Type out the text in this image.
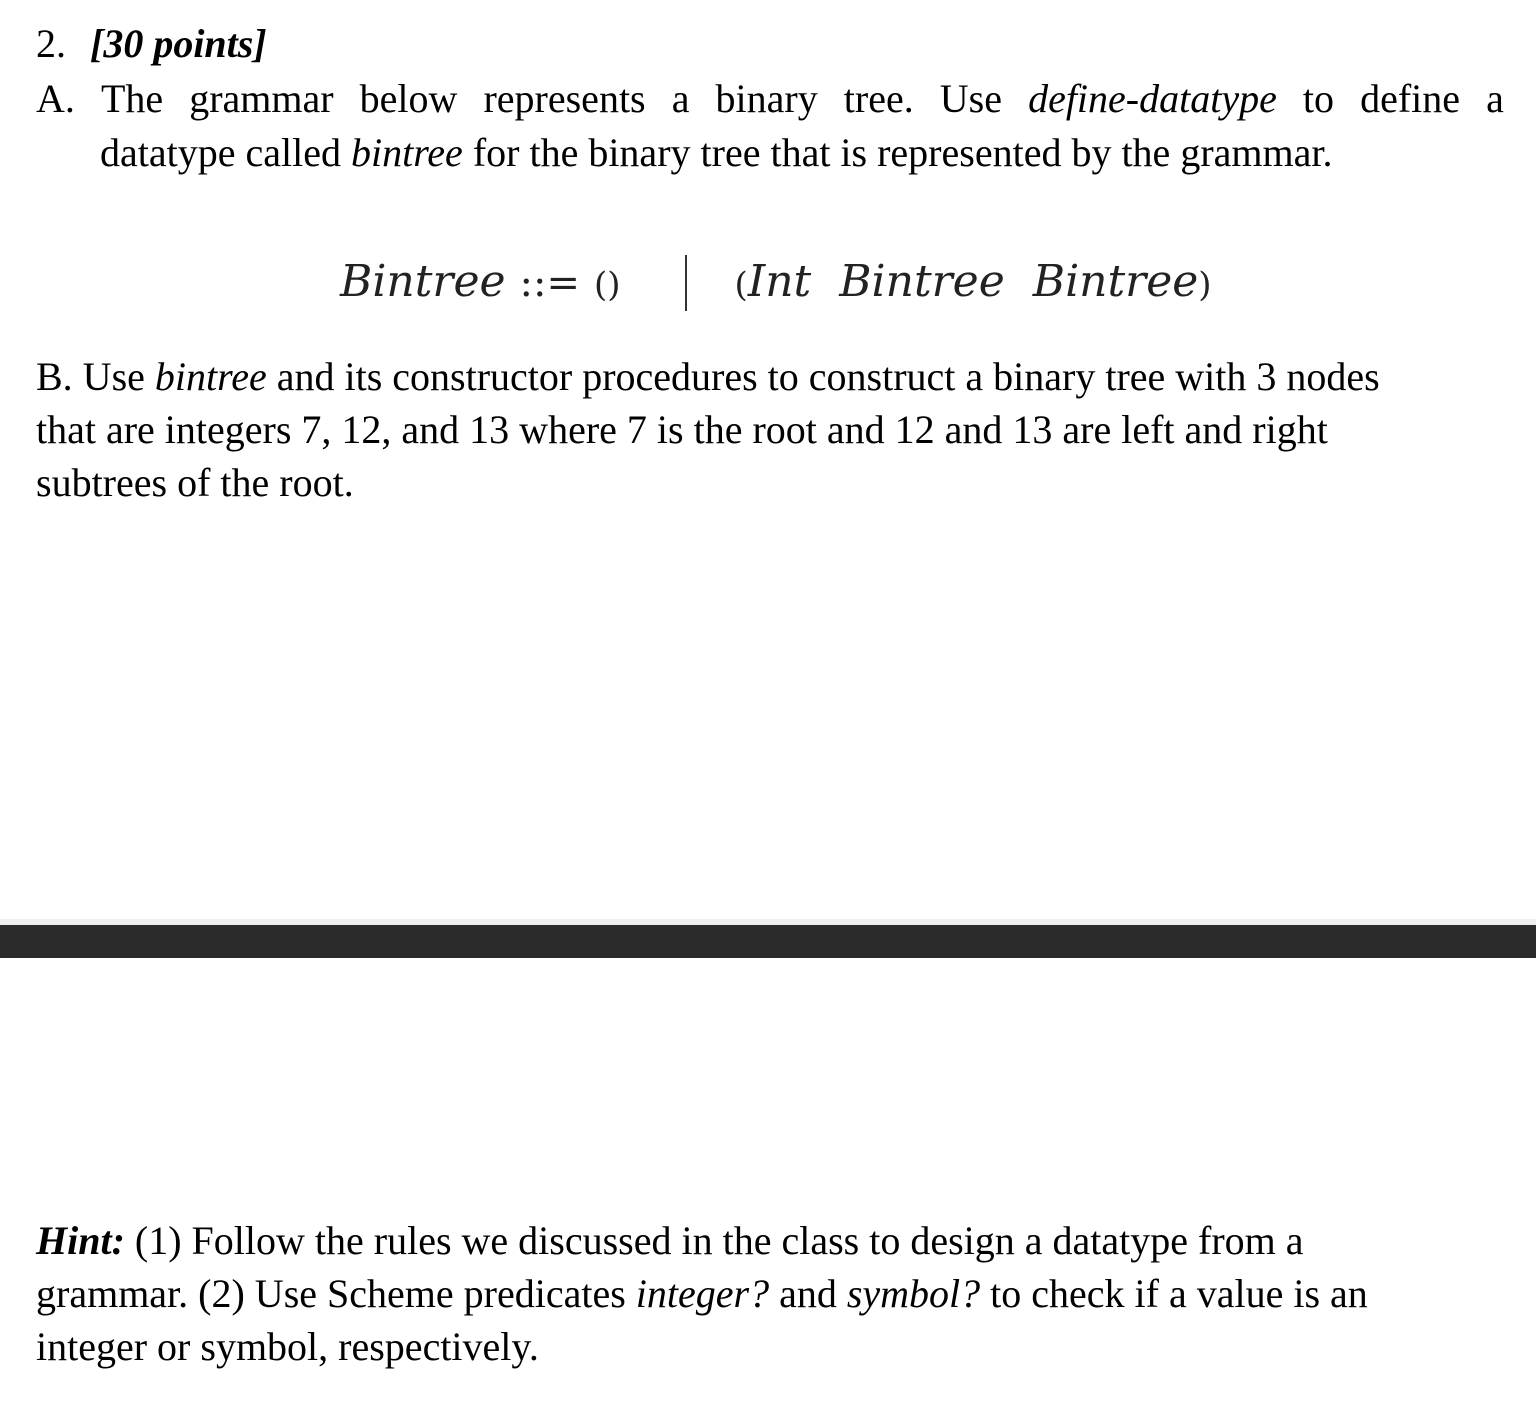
2. [30 points]
A. The grammar below represents a binary tree. Use define-datatype to define a
datatype called bintree for the binary tree that is represented by the grammar.
Bintree ::= ()	(Int Bintree Bintree)

B. Use bintree and its constructor procedures to construct a binary tree with 3 nodes

that are integers 7, 12, and 13 where 7 is the root and 12 and 13 are left and right

subtrees of the root.

Hint: (1) Follow the rules we discussed in the class to design a datatype from a

grammar. (2) Use Scheme predicates integer? and symbol? to check if a value is an

integer or symbol, respectively.
